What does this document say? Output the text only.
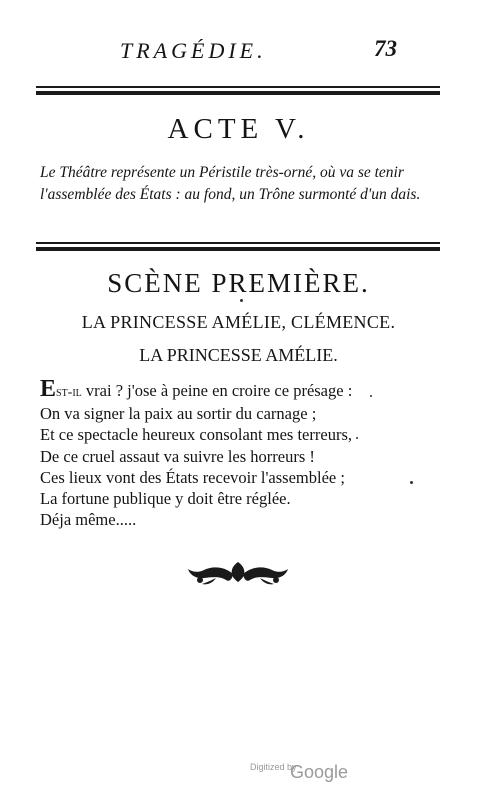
TRAGÉDIE.	73
ACTE V.
Le Théâtre représente un Péristile très-orné, où va se tenir l'assemblée des États : au fond, un Trône surmonté d'un dais.
SCÈNE PREMIÈRE.
LA PRINCESSE AMÉLIE, CLÉMENCE.
LA PRINCESSE AMÉLIE.
Est-il vrai ? j'ose à peine en croire ce présage :
On va signer la paix au sortir du carnage ;
Et ce spectacle heureux consolant mes terreurs,
De ce cruel assaut va suivre les horreurs !
Ces lieux vont des États recevoir l'assemblée ;
La fortune publique y doit être réglée.
Déja même.....
Digitized by
Google
